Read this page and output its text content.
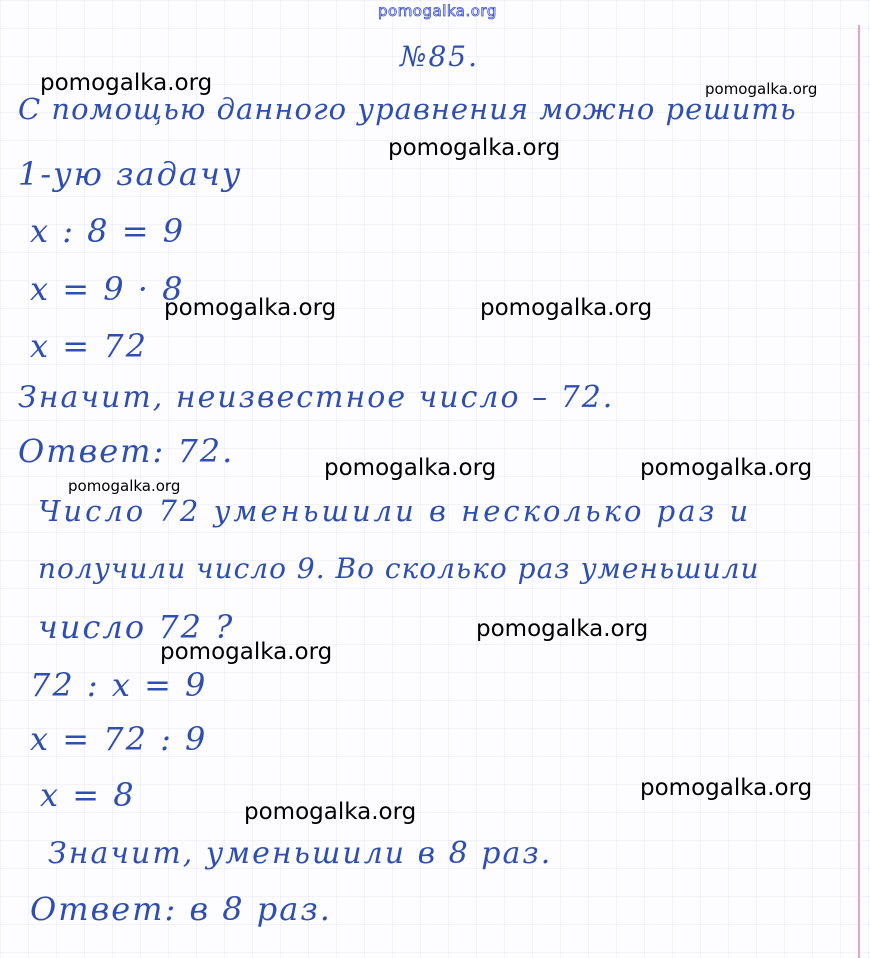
pomogalka.org
№85.
С помощью данного уравнения можно решить
1-ую задачу
x : 8 = 9
x = 9 · 8
x = 72
Значит, неизвестное число – 72.
Ответ: 72.
Число 72 уменьшили в несколько раз и
получили число 9. Во сколько раз уменьшили
число 72 ?
72 : x = 9
x = 72 : 9
x = 8
Значит, уменьшили в 8 раз.
Ответ: в 8 раз.
pomogalka.org	pomogalka.org
pomogalka.org
pomogalka.org	pomogalka.org
pomogalka.org	pomogalka.org
pomogalka.org
pomogalka.org
pomogalka.org
pomogalka.org
pomogalka.org
